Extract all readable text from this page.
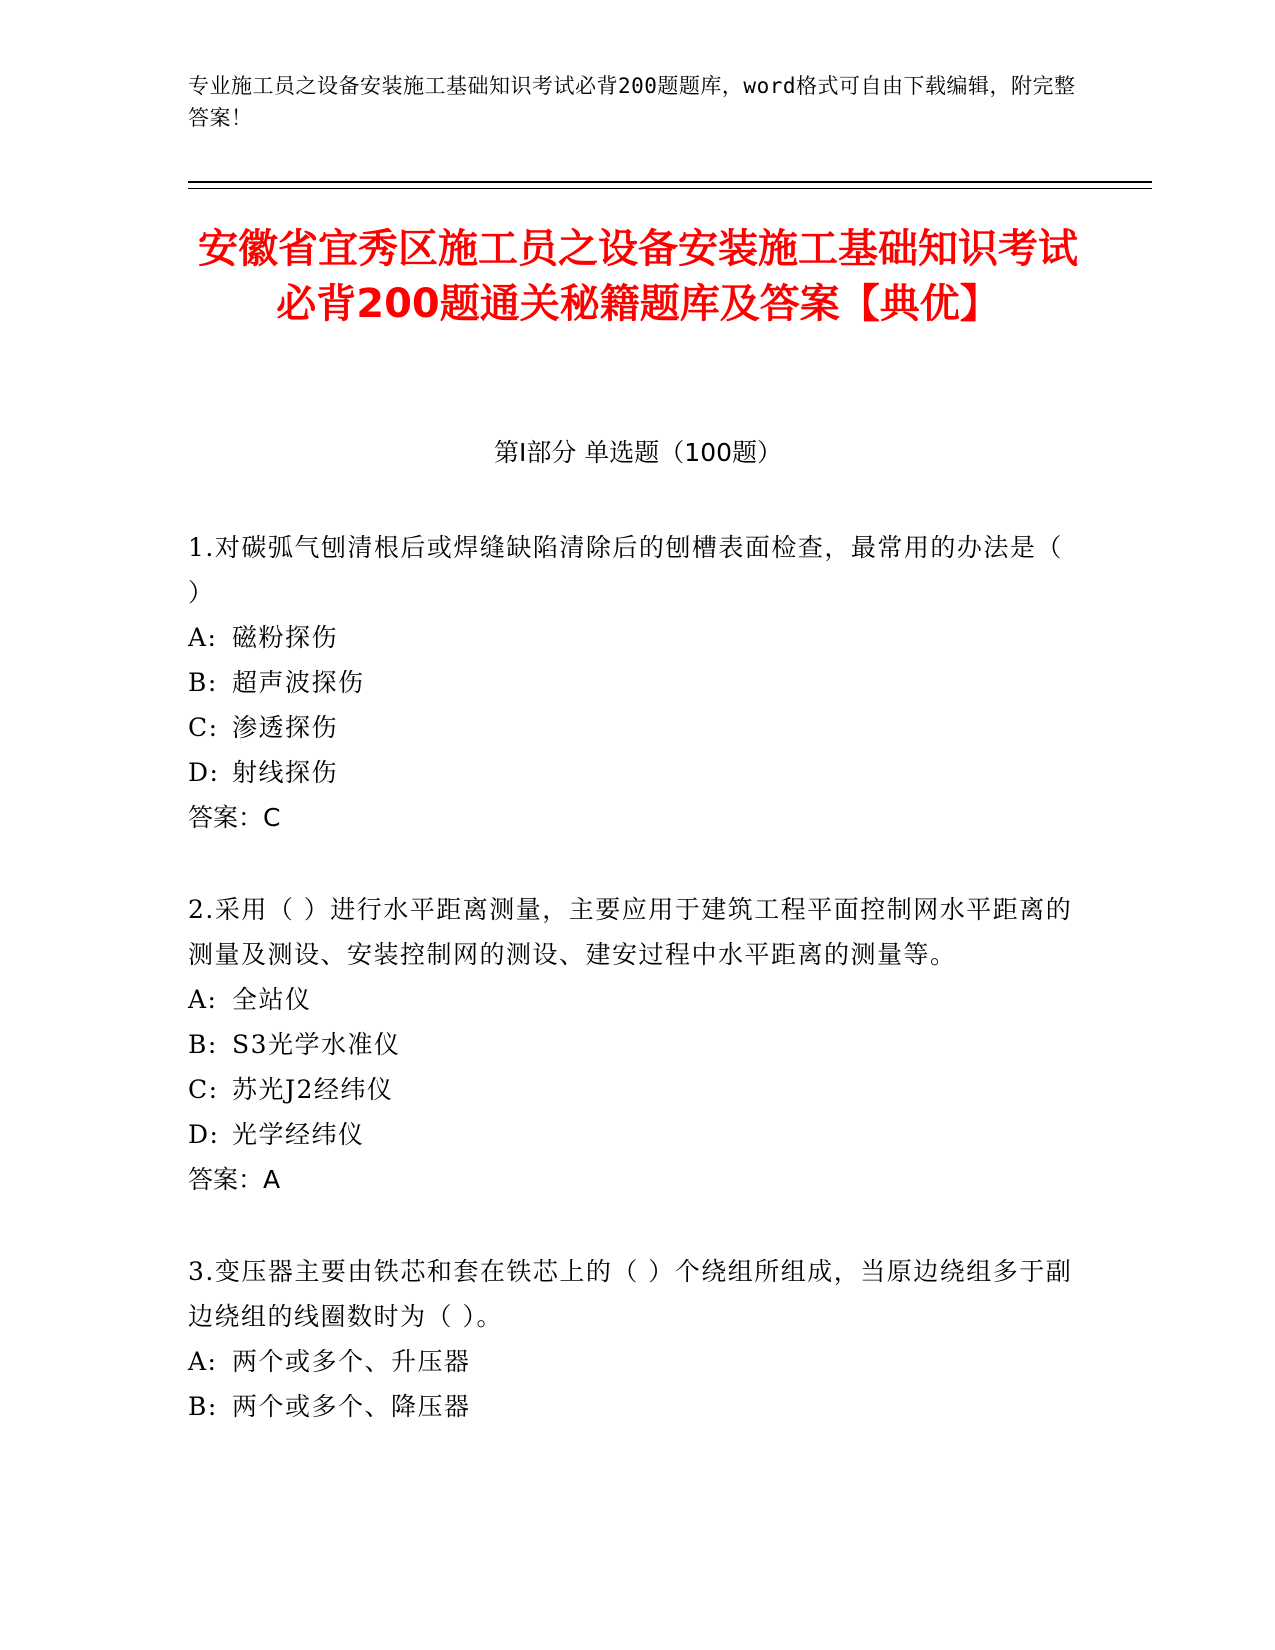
专业施工员之设备安装施工基础知识考试必背200题题库，word格式可自由下载编辑，附完整答案！
安徽省宜秀区施工员之设备安装施工基础知识考试必背200题通关秘籍题库及答案【典优】
第Ⅰ部分 单选题（100题）

1.对碳弧气刨清根后或焊缝缺陷清除后的刨槽表面检查，最常用的办法是（ ）

A: 磁粉探伤

B: 超声波探伤

C: 渗透探伤

D: 射线探伤

答案：C

2.采用（ ）进行水平距离测量，主要应用于建筑工程平面控制网水平距离的测量及测设、安装控制网的测设、建安过程中水平距离的测量等。

A: 全站仪

B: S3光学水准仪

C: 苏光J2经纬仪

D: 光学经纬仪

答案：A

3.变压器主要由铁芯和套在铁芯上的（ ）个绕组所组成，当原边绕组多于副边绕组的线圈数时为（ ）。

A: 两个或多个、升压器

B: 两个或多个、降压器
